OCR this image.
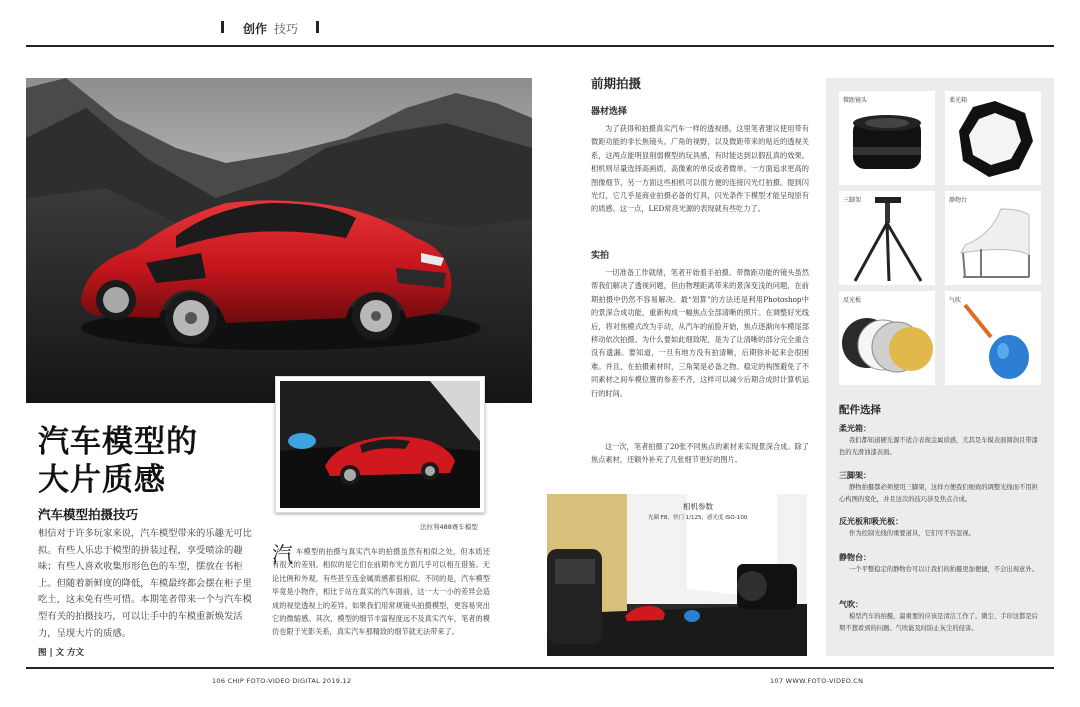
创作 技巧
汽车模型的
大片质感
汽车模型拍摄技巧
相信对于许多玩家来说，汽车模型带来的乐趣无可比拟。有些人乐忠于模型的拼装过程，享受喷涂的趣味；有些人喜欢收集形形色色的车型，摆放在书柜上。但随着新鲜度的降低，车模最终都会摆在柜子里吃土，这未免有些可惜。本期笔者带来一个与汽车模型有关的拍摄技巧，可以让手中的车模重新焕发活力，呈现大片的质感。
图 | 文 方文
法拉利488赛车模型
汽 车模型的拍摄与真实汽车的拍摄虽然有相似之处，但本质还有很大的差别。相似的是它们在前期布光方面几乎可以相互借鉴。无论比例和外观，有些甚至连金属质感都很相似。不同的是，汽车模型毕竟是小物件，相比于站在真实的汽车面前，这一大一小的差异会造成的视觉透视上的差异。如果我们用常规镜头拍摄模型，更容易突出它的微缩感。其次，模型的细节丰富程度远不及真实汽车，笔者的模仿也限于光影关系，真实汽车那精致的细节就无法带来了。
前期拍摄
器材选择
为了获得和拍摄真实汽车一样的透视感，这里笔者建议使用带有微距功能的非长焦镜头。广角的视野，以及微距带来的贴近的透视关系，这两点能明显削弱模型的玩具感，有时能达到以假乱真的效果。相机则尽量选择高画质，高像素的单反或者微单。一方面追求更高的图像细节，另一方面这些相机可以很方便的连接闪光灯拍摄。提到闪光灯，它几乎是商业拍摄必备的灯具，闪光条件下模型才能呈现原有的质感。这一点，LED常亮光源的表现就有些吃力了。
实拍
一切准备工作就绪，笔者开始着手拍摄。带微距功能的镜头虽然帮我们解决了透视问题，但由物理距离带来的景深变浅的问题，在前期拍摄中仍然不容易解决。最“划算”的方法还是利用Photoshop中的景深合成功能，重新构成一幅焦点全部清晰的照片。在调整好光线后，将对焦模式改为手动，从汽车的前脸开始，焦点逐渐向车模尾部移动依次拍摄。为什么要如此细致呢，是为了让清晰的部分完全重合没有遗漏。要知道，一旦有地方没有拍清晰，后期弥补起来会很困难。并且，在拍摄素材时，三角架是必备之物。稳定的构图避免了不同素材之间车模位置的参差不齐，这样可以减少后期合成时计算机运行的时间。
这一次，笔者拍摄了20张不同焦点的素材来实现景深合成。除了焦点素材，还额外补充了几张细节更好的图片。
相机参数
光圈 F8，快门 1/125，感光度 ISO-100
微距镜头	柔光箱
三脚架	静物台
反光板	气吹
配件选择
柔光箱：
我们都知道硬光源不适合表现金属质感，尤其是车模表面圆润且带漆色的光滑油漆表面。
三脚架：
静物拍摄都必须使用三脚架，这样方便我们细致的调整光线而不用担心构图的变化，并且这次的技巧涉及焦点合成。
反光板和吸光板：
作为控制光线的重要道具，它们可不容忽视。
静物台：
一个平整稳定的静物台可以让我们的拍摄更加便捷，不会出现意外。
气吹：
模型汽车的拍摄，最重要的应该是清洁工作了。微尘、手印这都是后期不想看到的问题。气吹能及时防止灰尘的侵害。
106 CHIP FOTO-VIDEO DIGITAL 2019.12	107 WWW.FOTO-VIDEO.CN
